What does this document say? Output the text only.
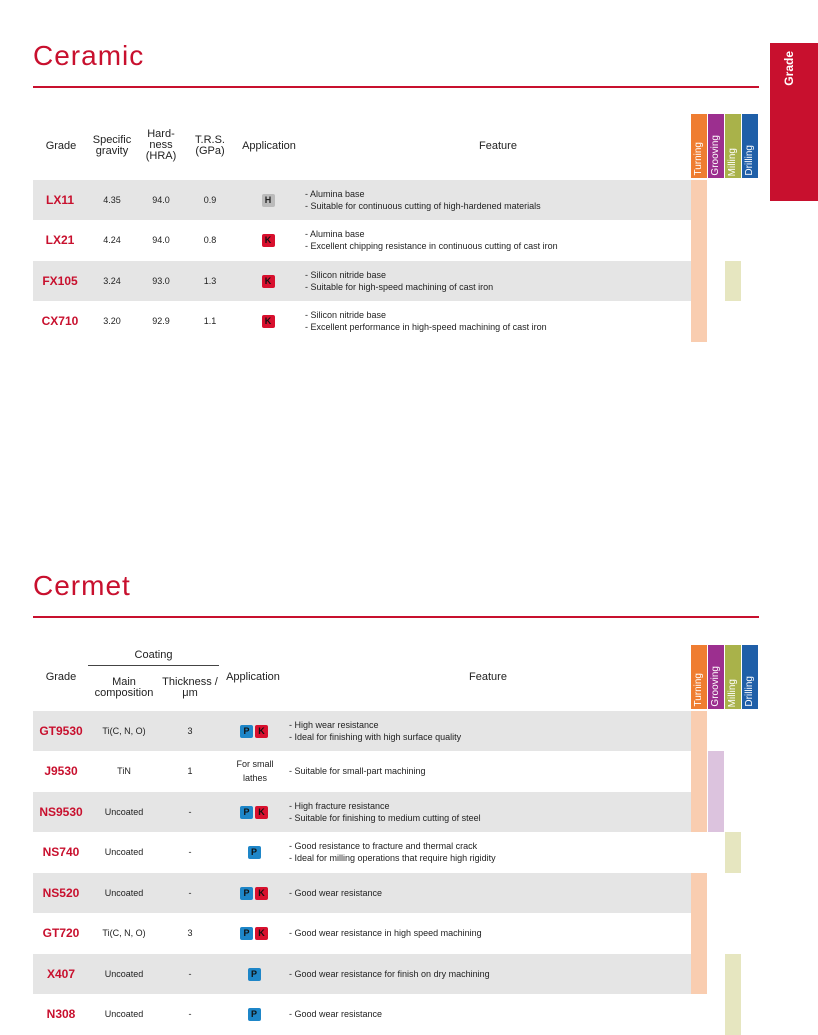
Grade
Ceramic
Grade	Specific gravity
Hard- ness (HRA)
T.R.S. (GPa)	Application	Feature	Turning Grooving Milling Drilling
LX11	4.35	94.0	0.9	H
- Alumina base
- Suitable for continuous cutting of high-hardened materials
LX21	4.24	94.0	0.8	K
- Alumina base
- Excellent chipping resistance in continuous cutting of cast iron
FX105	3.24	93.0	1.3	K
- Silicon nitride base
- Suitable for high-speed machining of cast iron
CX710	3.20	92.9	1.1	K
- Silicon nitride base
- Excellent performance in high-speed machining of cast iron
Cermet
Grade
Coating
Main composition
Thickness / μm
Application	Feature	Turning Grooving Milling Drilling
GT9530	Ti(C, N, O)	3	P K
- High wear resistance
- Ideal for finishing with high surface quality
J9530	TiN	1
For small lathes
- Suitable for small-part machining
NS9530	Uncoated	-	P K
- High fracture resistance
- Suitable for finishing to medium cutting of steel
NS740	Uncoated	-	P
- Good resistance to fracture and thermal crack
- Ideal for milling operations that require high rigidity
NS520	Uncoated	-	P K	- Good wear resistance
GT720	Ti(C, N, O)	3	P K	- Good wear resistance in high speed machining
X407	Uncoated	-	P	- Good wear resistance for finish on dry machining
N308	Uncoated	-	P	- Good wear resistance
